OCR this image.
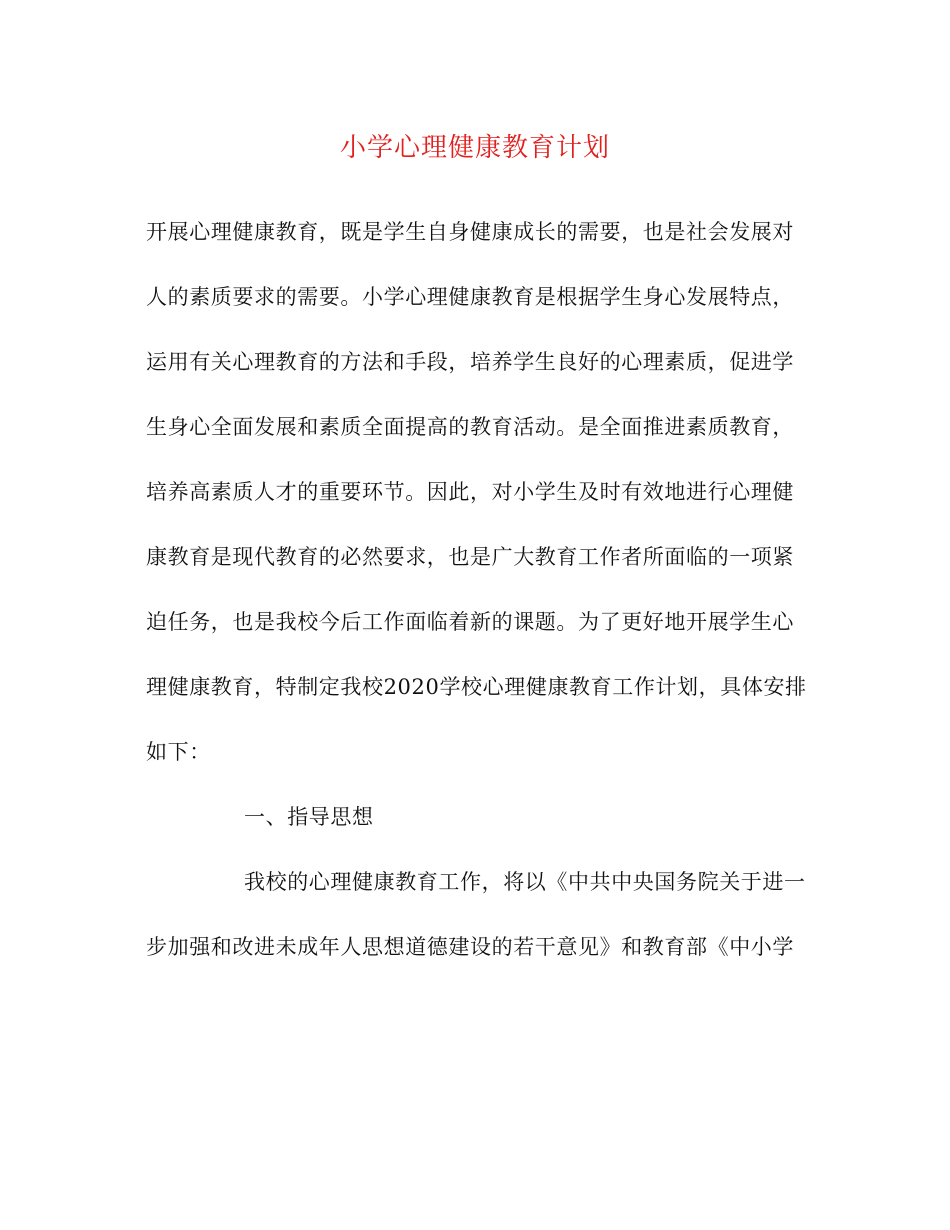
小学心理健康教育计划
开展心理健康教育，既是学生自身健康成长的需要，也是社会发展对
人的素质要求的需要。小学心理健康教育是根据学生身心发展特点，
运用有关心理教育的方法和手段，培养学生良好的心理素质，促进学
生身心全面发展和素质全面提高的教育活动。是全面推进素质教育，
培养高素质人才的重要环节。因此，对小学生及时有效地进行心理健
康教育是现代教育的必然要求，也是广大教育工作者所面临的一项紧
迫任务，也是我校今后工作面临着新的课题。为了更好地开展学生心
理健康教育，特制定我校2020学校心理健康教育工作计划，具体安排
如下：
一、指导思想
我校的心理健康教育工作，将以《中共中央国务院关于进一
步加强和改进未成年人思想道德建设的若干意见》和教育部《中小学
